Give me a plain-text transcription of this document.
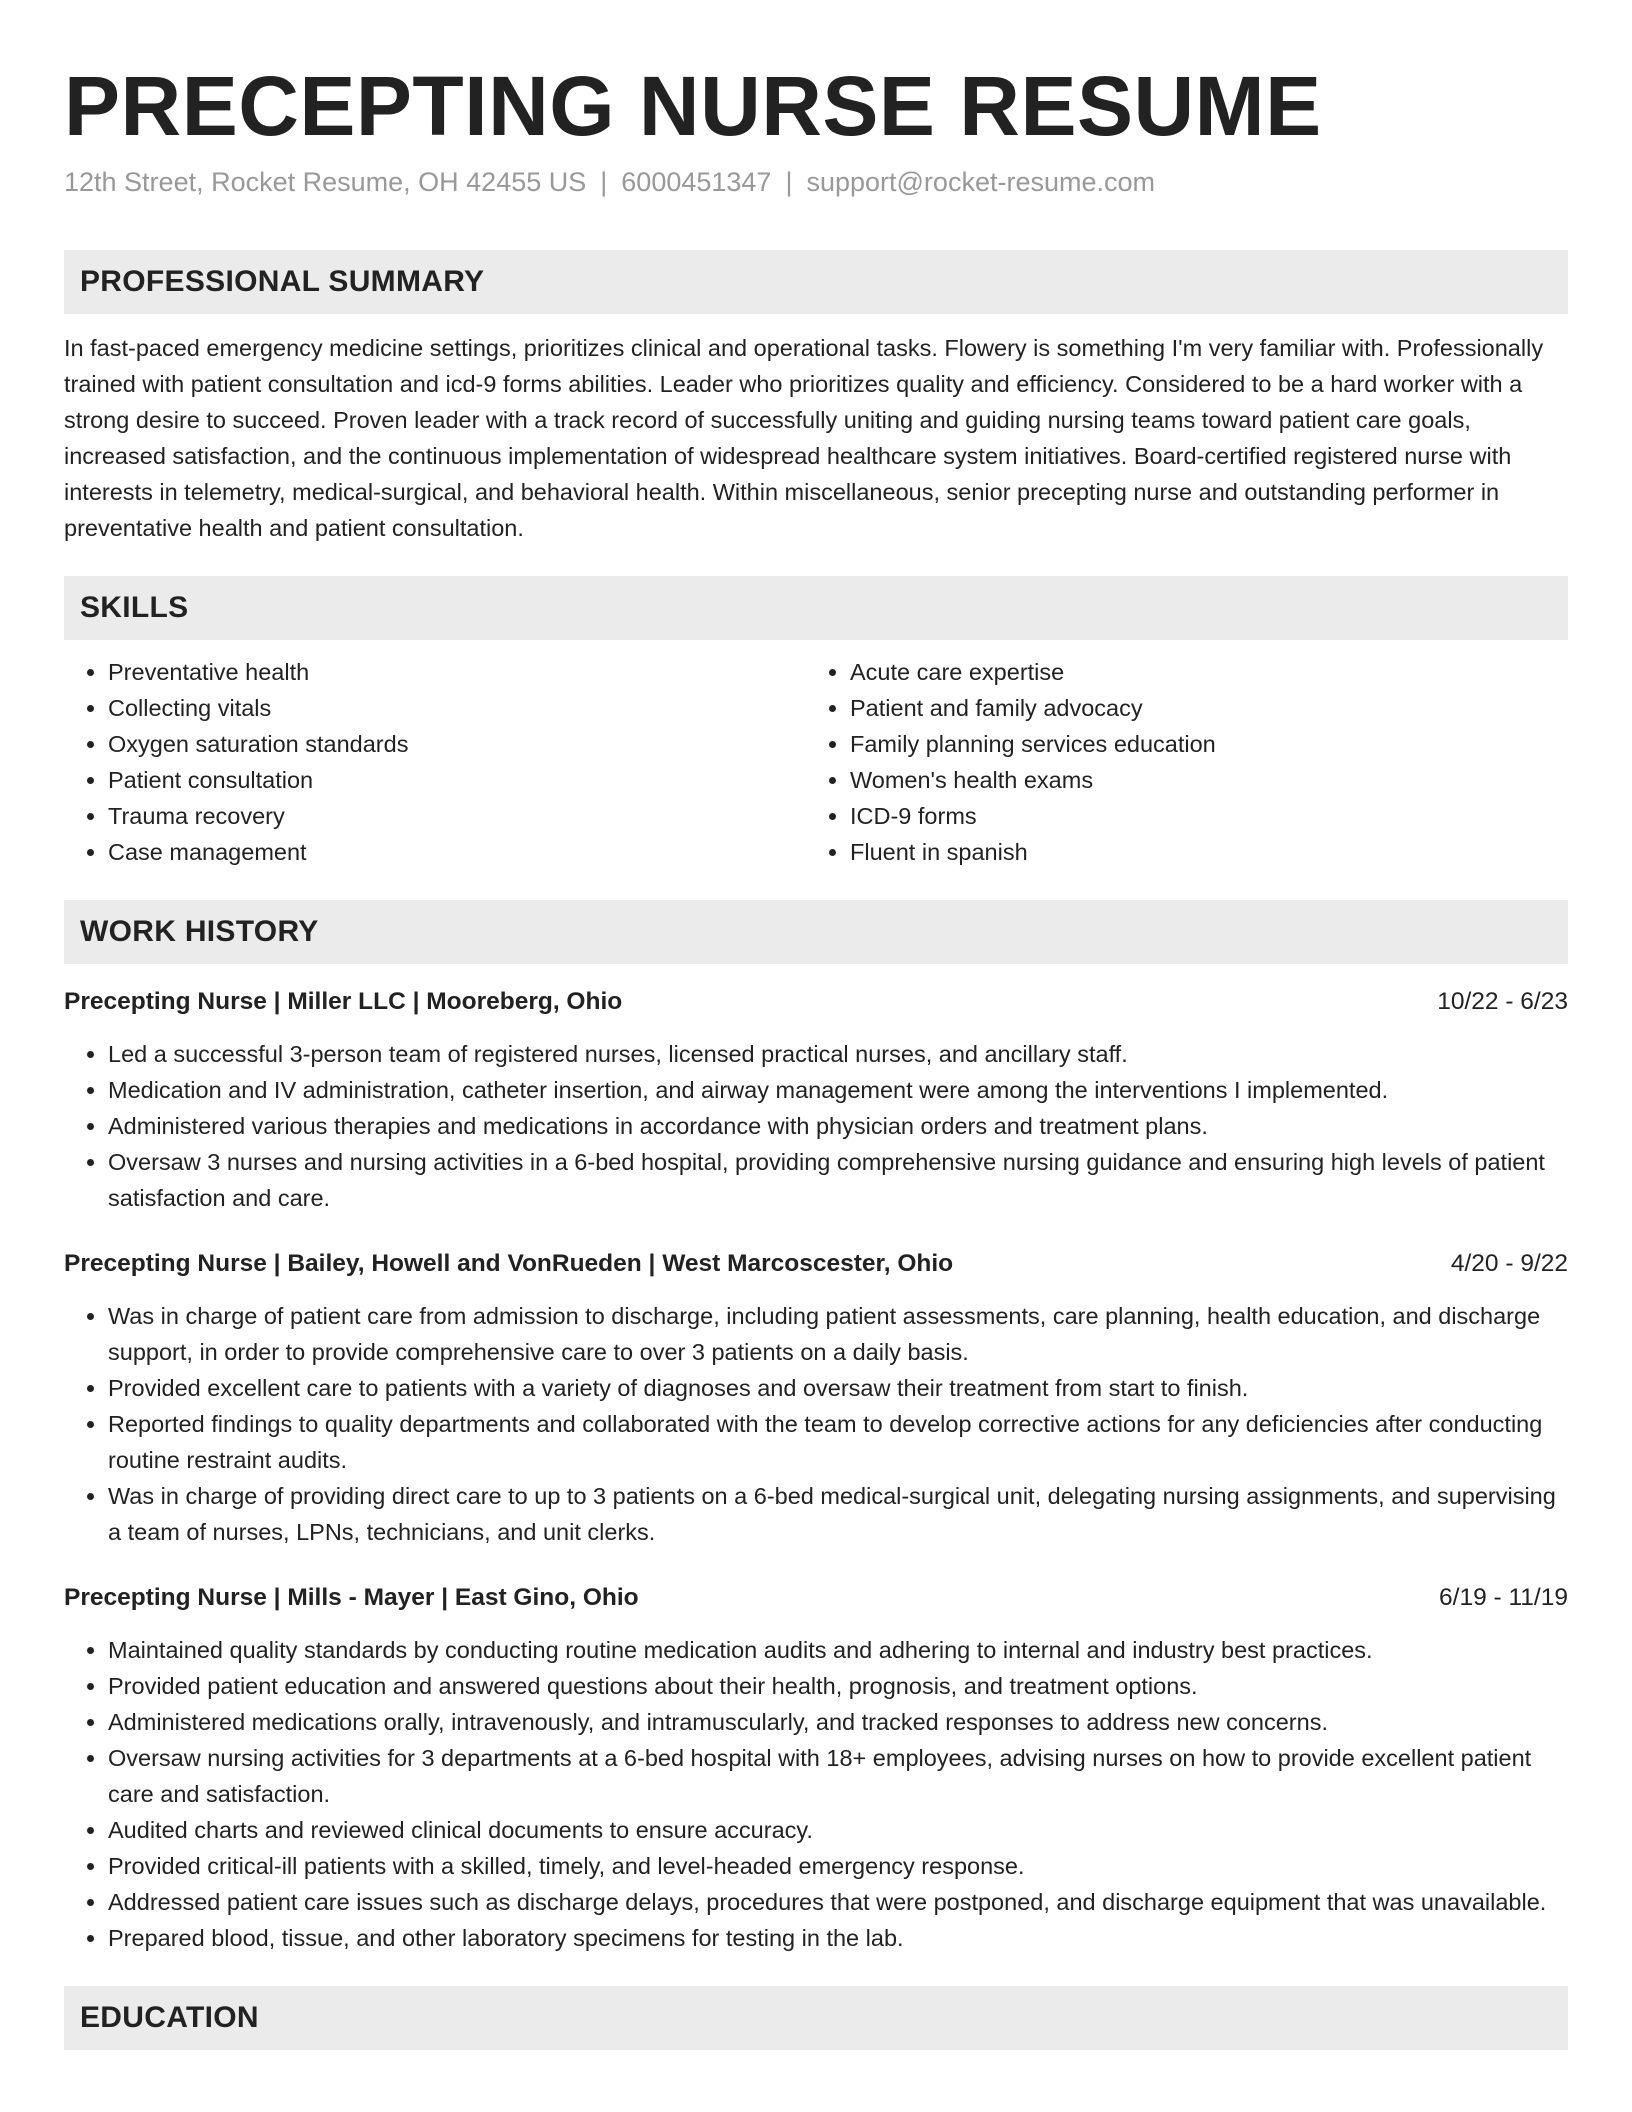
PRECEPTING NURSE RESUME
12th Street, Rocket Resume, OH 42455 US | 6000451347 | support@rocket-resume.com
PROFESSIONAL SUMMARY

In fast-paced emergency medicine settings, prioritizes clinical and operational tasks. Flowery is something I'm very familiar with. Professionally trained with patient consultation and icd-9 forms abilities. Leader who prioritizes quality and efficiency. Considered to be a hard worker with a strong desire to succeed. Proven leader with a track record of successfully uniting and guiding nursing teams toward patient care goals, increased satisfaction, and the continuous implementation of widespread healthcare system initiatives. Board-certified registered nurse with interests in telemetry, medical-surgical, and behavioral health. Within miscellaneous, senior precepting nurse and outstanding performer in preventative health and patient consultation.

SKILLS
• Preventative health
• Collecting vitals
• Oxygen saturation standards
• Patient consultation
• Trauma recovery
• Case management
• Acute care expertise
• Patient and family advocacy
• Family planning services education
• Women's health exams
• ICD-9 forms
• Fluent in spanish
WORK HISTORY
Precepting Nurse | Miller LLC | Mooreberg, Ohio	10/22 - 6/23
• Led a successful 3-person team of registered nurses, licensed practical nurses, and ancillary staff.
• Medication and IV administration, catheter insertion, and airway management were among the interventions I implemented.
• Administered various therapies and medications in accordance with physician orders and treatment plans.
• Oversaw 3 nurses and nursing activities in a 6-bed hospital, providing comprehensive nursing guidance and ensuring high levels of patient satisfaction and care.
Precepting Nurse | Bailey, Howell and VonRueden | West Marcoscester, Ohio	4/20 - 9/22
• Was in charge of patient care from admission to discharge, including patient assessments, care planning, health education, and discharge support, in order to provide comprehensive care to over 3 patients on a daily basis.
• Provided excellent care to patients with a variety of diagnoses and oversaw their treatment from start to finish.
• Reported findings to quality departments and collaborated with the team to develop corrective actions for any deficiencies after conducting routine restraint audits.
• Was in charge of providing direct care to up to 3 patients on a 6-bed medical-surgical unit, delegating nursing assignments, and supervising a team of nurses, LPNs, technicians, and unit clerks.
Precepting Nurse | Mills - Mayer | East Gino, Ohio	6/19 - 11/19
• Maintained quality standards by conducting routine medication audits and adhering to internal and industry best practices.
• Provided patient education and answered questions about their health, prognosis, and treatment options.
• Administered medications orally, intravenously, and intramuscularly, and tracked responses to address new concerns.
• Oversaw nursing activities for 3 departments at a 6-bed hospital with 18+ employees, advising nurses on how to provide excellent patient care and satisfaction.
• Audited charts and reviewed clinical documents to ensure accuracy.
• Provided critical-ill patients with a skilled, timely, and level-headed emergency response.
• Addressed patient care issues such as discharge delays, procedures that were postponed, and discharge equipment that was unavailable.
• Prepared blood, tissue, and other laboratory specimens for testing in the lab.
EDUCATION
